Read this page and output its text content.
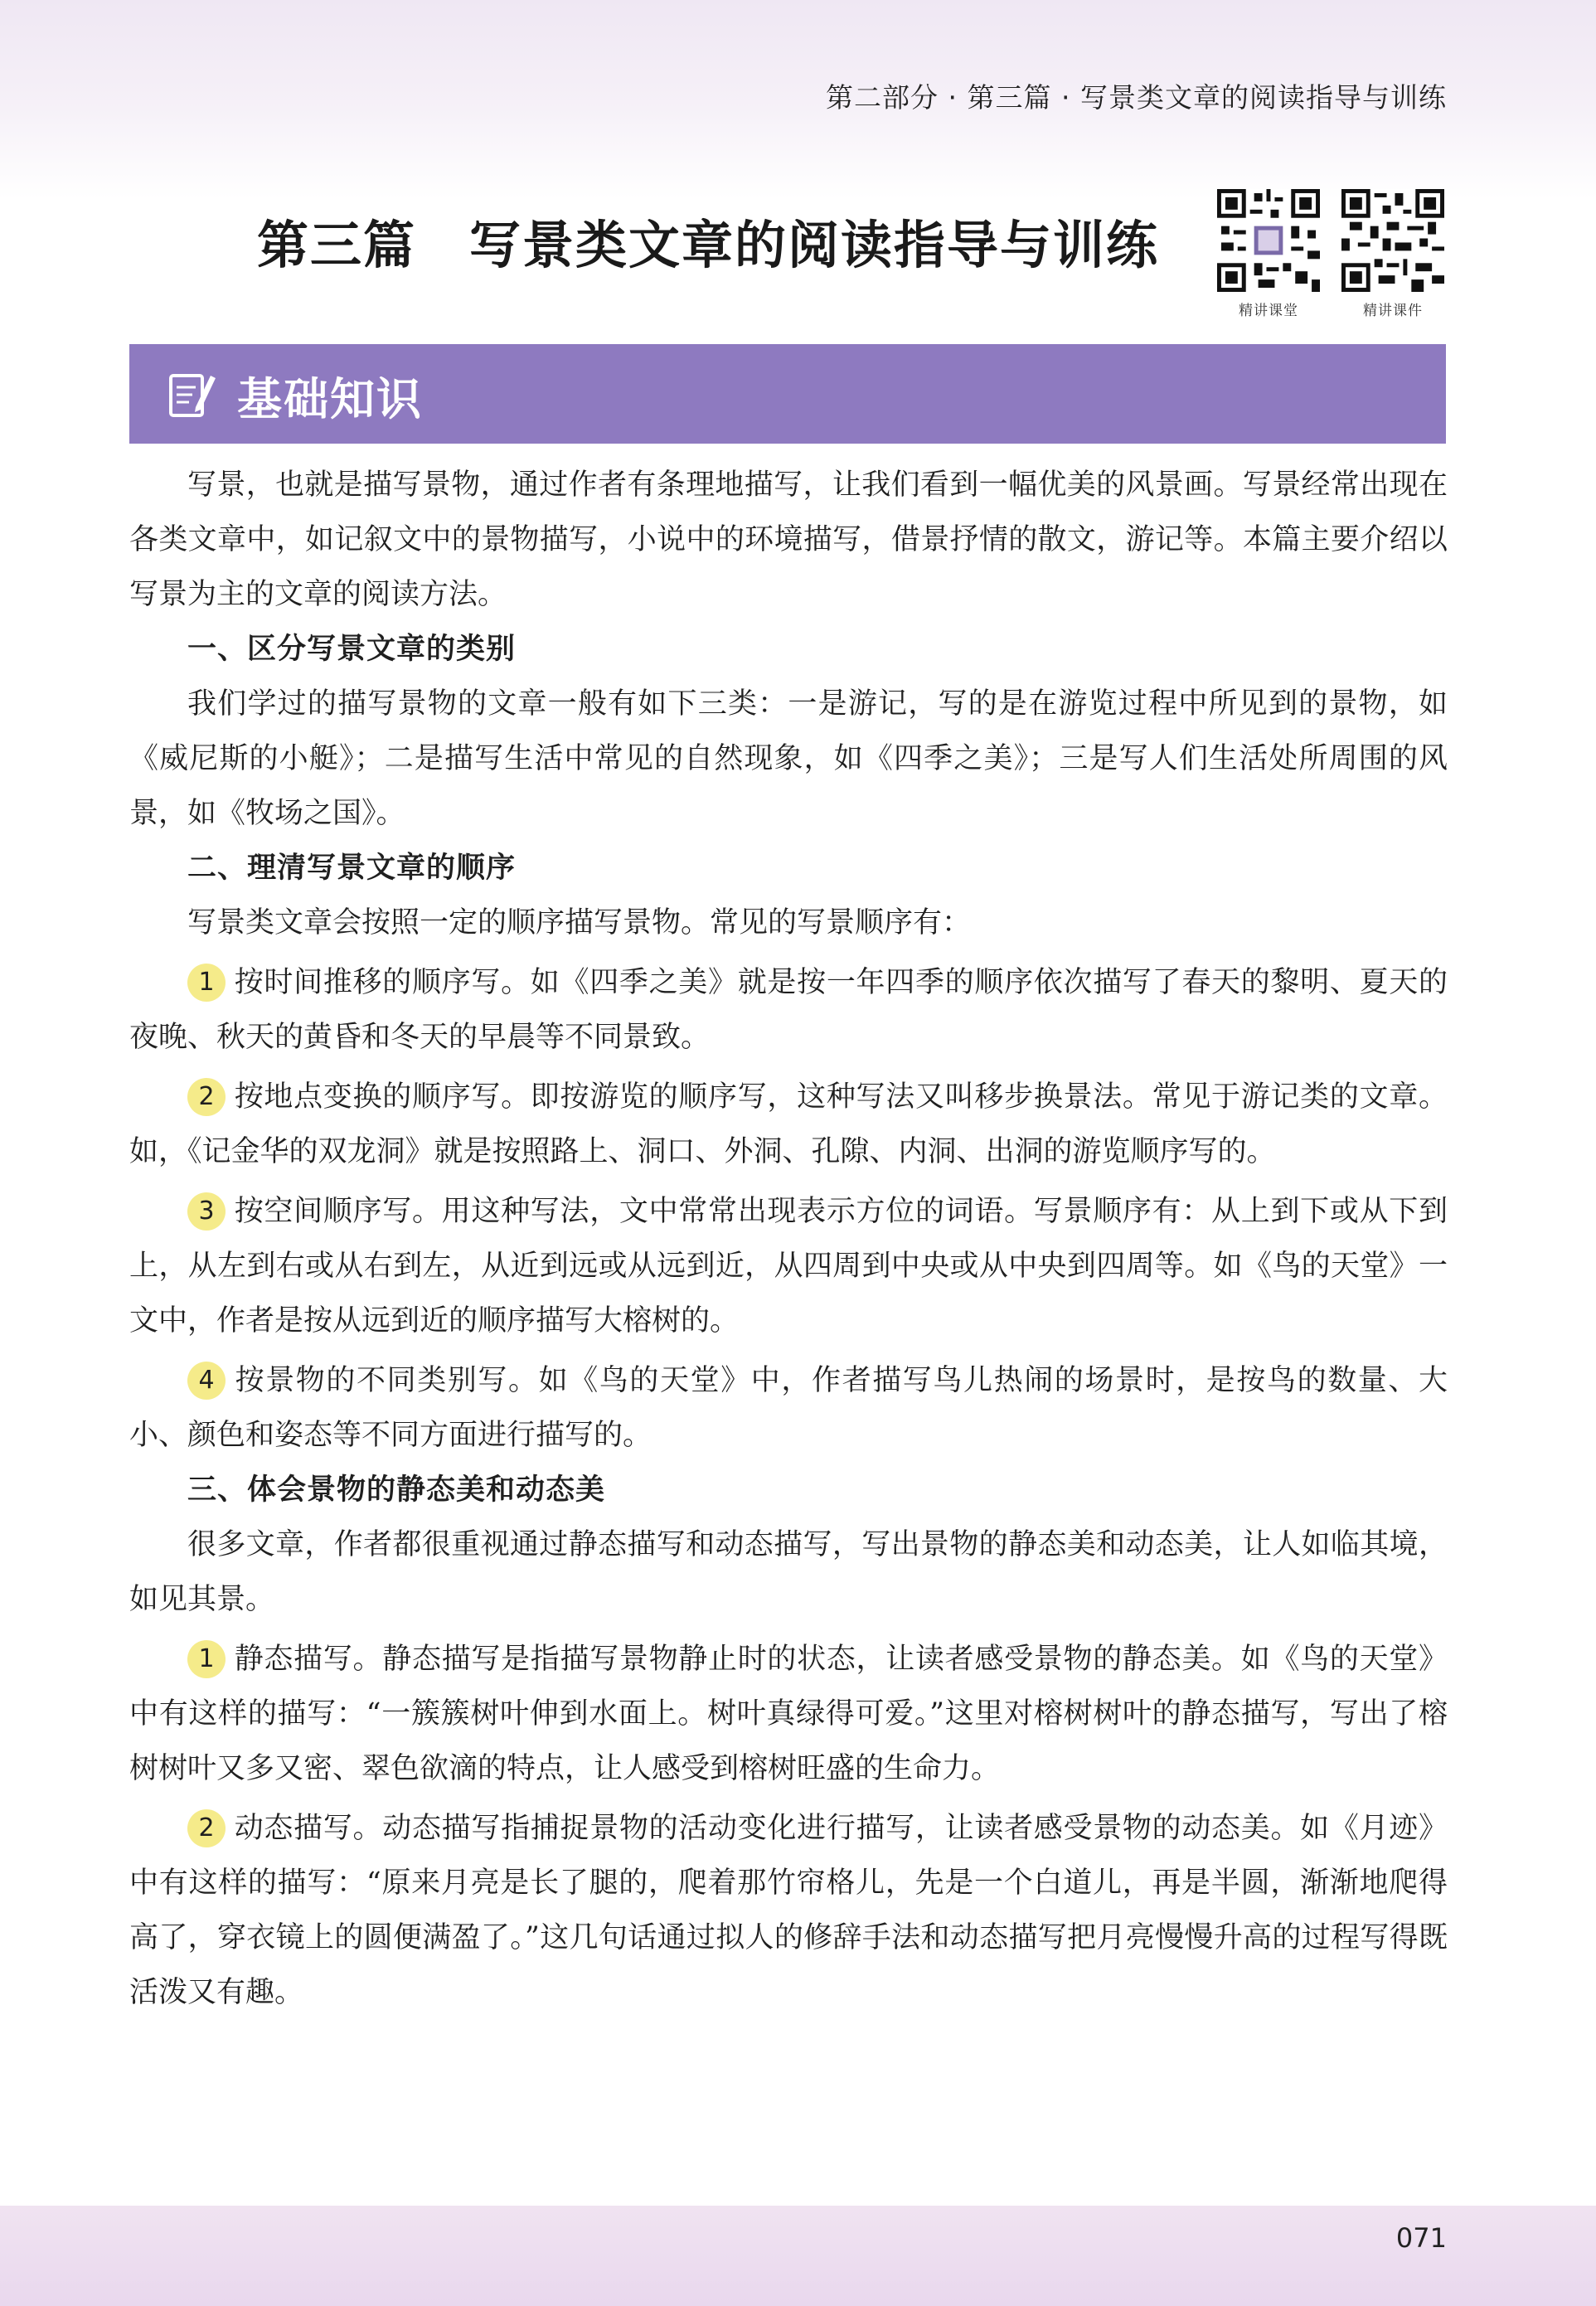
第二部分 · 第三篇 · 写景类文章的阅读指导与训练
第三篇 写景类文章的阅读指导与训练
精讲课堂	精讲课件
基础知识

写景，也就是描写景物，通过作者有条理地描写，让我们看到一幅优美的风景画。写景经常出现在各类文章中，如记叙文中的景物描写，小说中的环境描写，借景抒情的散文，游记等。本篇主要介绍以写景为主的文章的阅读方法。

一、区分写景文章的类别

我们学过的描写景物的文章一般有如下三类：一是游记，写的是在游览过程中所见到的景物，如《威尼斯的小艇》；二是描写生活中常见的自然现象，如《四季之美》；三是写人们生活处所周围的风景，如《牧场之国》。

二、理清写景文章的顺序

写景类文章会按照一定的顺序描写景物。常见的写景顺序有：

1 按时间推移的顺序写。如《四季之美》就是按一年四季的顺序依次描写了春天的黎明、夏天的夜晚、秋天的黄昏和冬天的早晨等不同景致。

2 按地点变换的顺序写。即按游览的顺序写，这种写法又叫移步换景法。常见于游记类的文章。如，《记金华的双龙洞》就是按照路上、洞口、外洞、孔隙、内洞、出洞的游览顺序写的。

3 按空间顺序写。用这种写法，文中常常出现表示方位的词语。写景顺序有：从上到下或从下到上，从左到右或从右到左，从近到远或从远到近，从四周到中央或从中央到四周等。如《鸟的天堂》一文中，作者是按从远到近的顺序描写大榕树的。

4 按景物的不同类别写。如《鸟的天堂》中，作者描写鸟儿热闹的场景时，是按鸟的数量、大小、颜色和姿态等不同方面进行描写的。

三、体会景物的静态美和动态美

很多文章，作者都很重视通过静态描写和动态描写，写出景物的静态美和动态美，让人如临其境，如见其景。

1 静态描写。静态描写是指描写景物静止时的状态，让读者感受景物的静态美。如《鸟的天堂》中有这样的描写：“一簇簇树叶伸到水面上。树叶真绿得可爱。”这里对榕树树叶的静态描写，写出了榕树树叶又多又密、翠色欲滴的特点，让人感受到榕树旺盛的生命力。

2 动态描写。动态描写指捕捉景物的活动变化进行描写，让读者感受景物的动态美。如《月迹》中有这样的描写：“原来月亮是长了腿的，爬着那竹帘格儿，先是一个白道儿，再是半圆，渐渐地爬得高了，穿衣镜上的圆便满盈了。”这几句话通过拟人的修辞手法和动态描写把月亮慢慢升高的过程写得既活泼又有趣。

071
